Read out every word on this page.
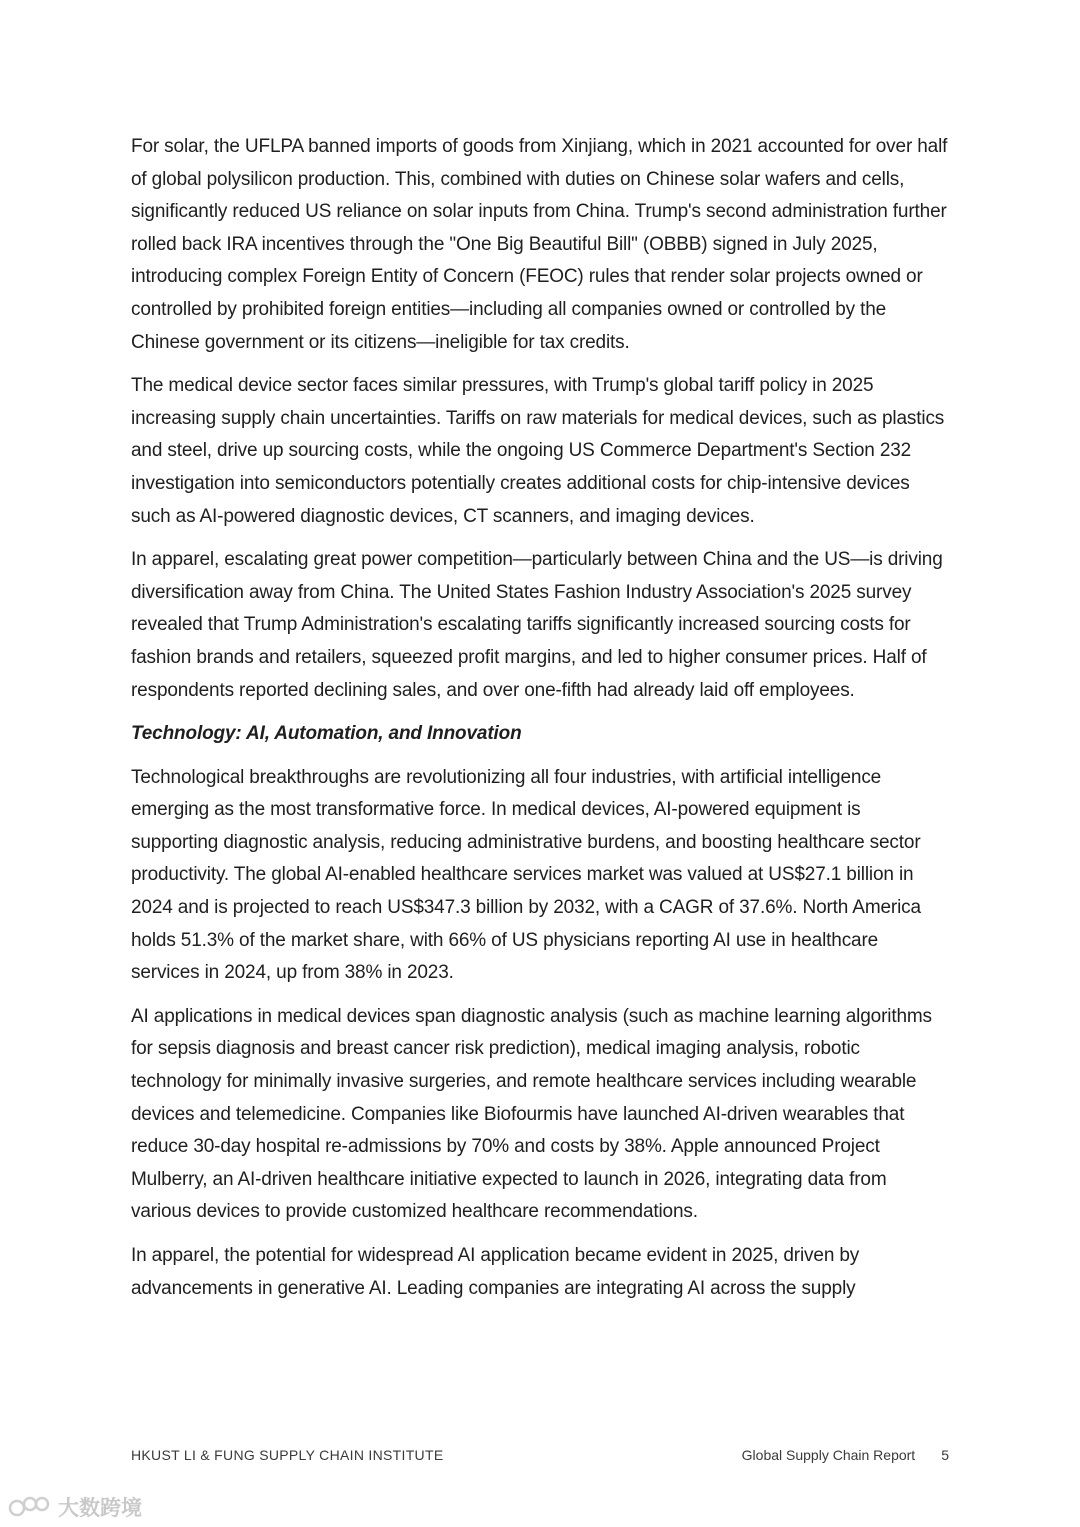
For solar, the UFLPA banned imports of goods from Xinjiang, which in 2021 accounted for over half of global polysilicon production. This, combined with duties on Chinese solar wafers and cells, significantly reduced US reliance on solar inputs from China. Trump's second administration further rolled back IRA incentives through the "One Big Beautiful Bill" (OBBB) signed in July 2025, introducing complex Foreign Entity of Concern (FEOC) rules that render solar projects owned or controlled by prohibited foreign entities—including all companies owned or controlled by the Chinese government or its citizens—ineligible for tax credits.

The medical device sector faces similar pressures, with Trump's global tariff policy in 2025 increasing supply chain uncertainties. Tariffs on raw materials for medical devices, such as plastics and steel, drive up sourcing costs, while the ongoing US Commerce Department's Section 232 investigation into semiconductors potentially creates additional costs for chip-intensive devices such as AI-powered diagnostic devices, CT scanners, and imaging devices.

In apparel, escalating great power competition—particularly between China and the US—is driving diversification away from China. The United States Fashion Industry Association's 2025 survey revealed that Trump Administration's escalating tariffs significantly increased sourcing costs for fashion brands and retailers, squeezed profit margins, and led to higher consumer prices. Half of respondents reported declining sales, and over one-fifth had already laid off employees.

Technology: AI, Automation, and Innovation

Technological breakthroughs are revolutionizing all four industries, with artificial intelligence emerging as the most transformative force. In medical devices, AI-powered equipment is supporting diagnostic analysis, reducing administrative burdens, and boosting healthcare sector productivity. The global AI-enabled healthcare services market was valued at US$27.1 billion in 2024 and is projected to reach US$347.3 billion by 2032, with a CAGR of 37.6%. North America holds 51.3% of the market share, with 66% of US physicians reporting AI use in healthcare services in 2024, up from 38% in 2023.

AI applications in medical devices span diagnostic analysis (such as machine learning algorithms for sepsis diagnosis and breast cancer risk prediction), medical imaging analysis, robotic technology for minimally invasive surgeries, and remote healthcare services including wearable devices and telemedicine. Companies like Biofourmis have launched AI-driven wearables that reduce 30-day hospital re-admissions by 70% and costs by 38%. Apple announced Project Mulberry, an AI-driven healthcare initiative expected to launch in 2026, integrating data from various devices to provide customized healthcare recommendations.

In apparel, the potential for widespread AI application became evident in 2025, driven by advancements in generative AI. Leading companies are integrating AI across the supply

HKUST LI & FUNG SUPPLY CHAIN INSTITUTE	Global Supply Chain Report 5
大数跨境
